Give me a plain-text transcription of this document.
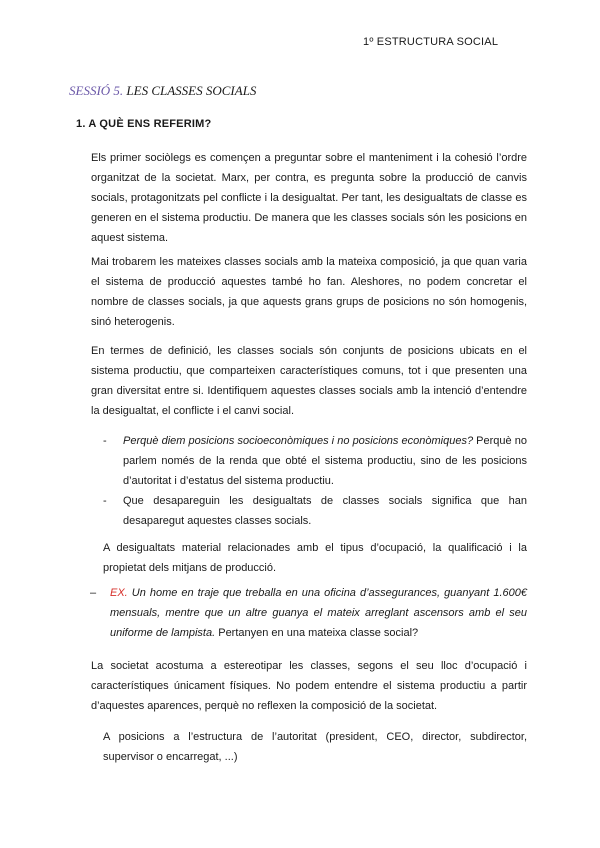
1º ESTRUCTURA SOCIAL
SESSIÓ 5. LES CLASSES SOCIALS
1. A QUÈ ENS REFERIM?
Els primer sociòlegs es començen a preguntar sobre el manteniment i la cohesió l’ordre organitzat de la societat. Marx, per contra, es pregunta sobre la producció de canvis socials, protagonitzats pel conflicte i la desigualtat. Per tant, les desigualtats de classe es generen en el sistema productiu. De manera que les classes socials són les posicions en aquest sistema.
Mai trobarem les mateixes classes socials amb la mateixa composició, ja que quan varia el sistema de producció aquestes també ho fan. Aleshores, no podem concretar el nombre de classes socials, ja que aquests grans grups de posicions no són homogenis, sinó heterogenis.
En termes de definició, les classes socials són conjunts de posicions ubicats en el sistema productiu, que comparteixen característiques comuns, tot i que presenten una gran diversitat entre si. Identifiquem aquestes classes socials amb la intenció d’entendre la desigualtat, el conflicte i el canvi social.
- Perquè diem posicions socioeconòmiques i no posicions econòmiques? Perquè no parlem només de la renda que obté el sistema productiu, sino de les posicions d’autoritat i d’estatus del sistema productiu.
- Que desapareguin les desigualtats de classes socials significa que han desaparegut aquestes classes socials.
A desigualtats material relacionades amb el tipus d’ocupació, la qualificació i la propietat dels mitjans de producció.
–	EX. Un home en traje que treballa en una oficina d’assegurances, guanyant 1.600€ mensuals, mentre que un altre guanya el mateix arreglant ascensors amb el seu uniforme de lampista. Pertanyen en una mateixa classe social?
La societat acostuma a estereotipar les classes, segons el seu lloc d’ocupació i característiques únicament físiques. No podem entendre el sistema productiu a partir d’aquestes aparences, perquè no reflexen la composició de la societat.
A posicions a l’estructura de l’autoritat (president, CEO, director, subdirector, supervisor o encarregat, ...)
